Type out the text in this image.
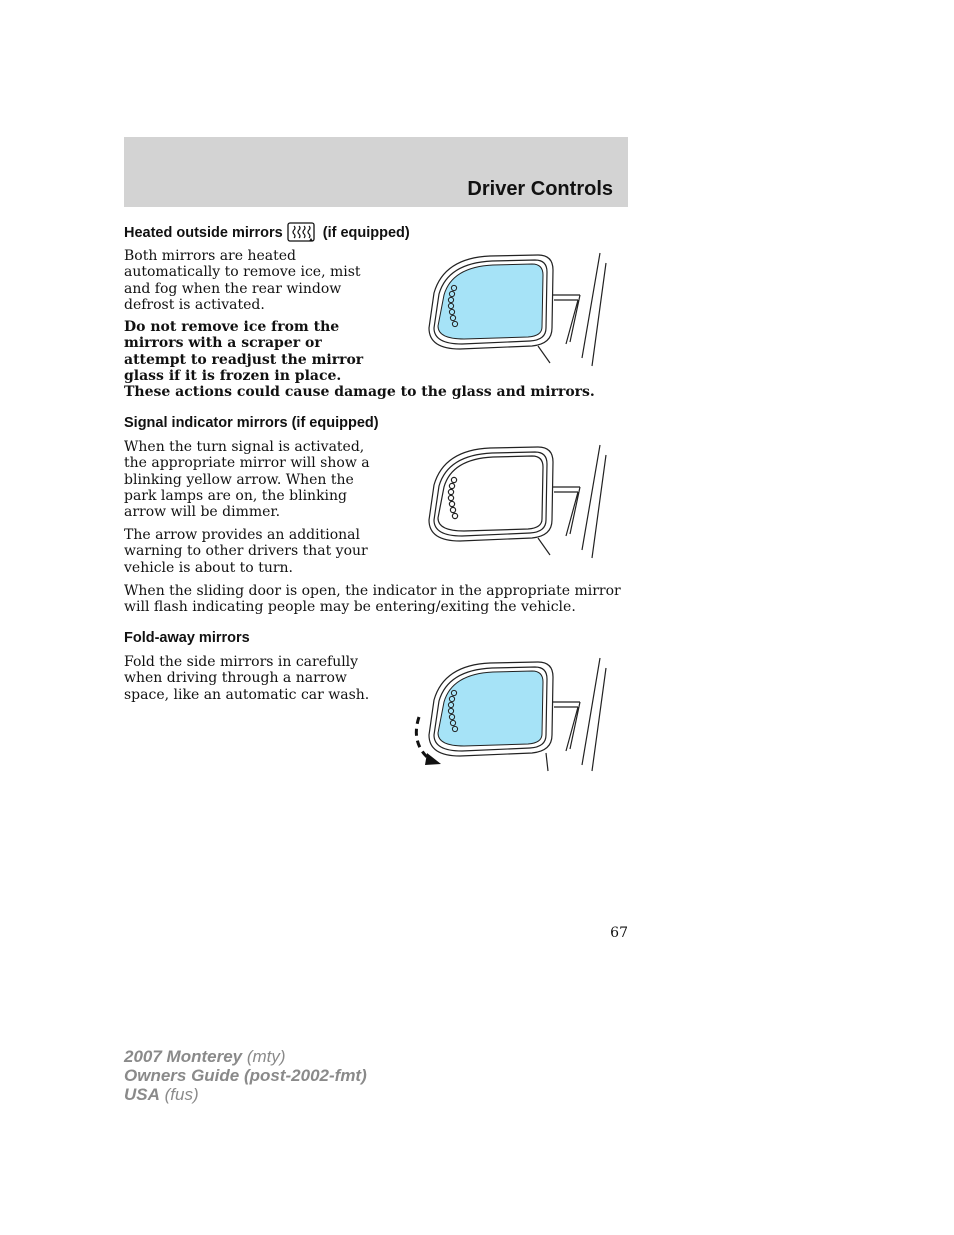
Driver Controls
Heated outside mirrors	(if equipped)

Both mirrors are heated
automatically to remove ice, mist
and fog when the rear window
defrost is activated.

Do not remove ice from the
mirrors with a scraper or
attempt to readjust the mirror
glass if it is frozen in place.
These actions could cause damage to the glass and mirrors.

Signal indicator mirrors (if equipped)

When the turn signal is activated,
the appropriate mirror will show a
blinking yellow arrow. When the
park lamps are on, the blinking
arrow will be dimmer.

The arrow provides an additional
warning to other drivers that your
vehicle is about to turn.

When the sliding door is open, the indicator in the appropriate mirror
will flash indicating people may be entering/exiting the vehicle.

Fold-away mirrors

Fold the side mirrors in carefully
when driving through a narrow
space, like an automatic car wash.

67
2007 Monterey (mty)
Owners Guide (post-2002-fmt)
USA (fus)
